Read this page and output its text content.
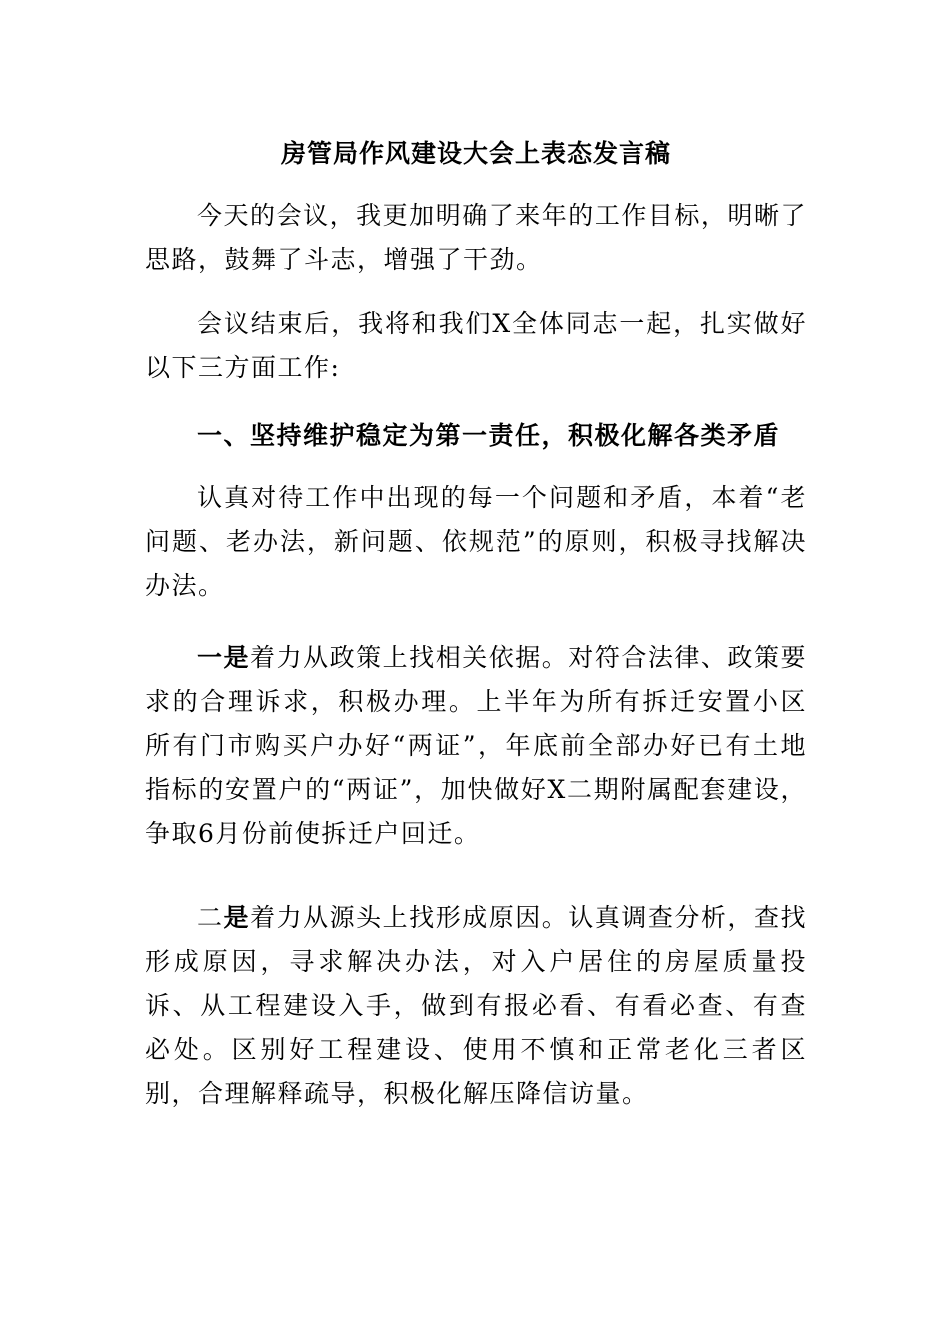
房管局作风建设大会上表态发言稿
今天的会议，我更加明确了来年的工作目标，明晰了思路，鼓舞了斗志，增强了干劲。
会议结束后，我将和我们X全体同志一起，扎实做好以下三方面工作:
一、坚持维护稳定为第一责任，积极化解各类矛盾
认真对待工作中出现的每一个问题和矛盾，本着“老问题、老办法，新问题、依规范”的原则，积极寻找解决办法。
一是着力从政策上找相关依据。对符合法律、政策要求的合理诉求，积极办理。上半年为所有拆迁安置小区所有门市购买户办好“两证”，年底前全部办好已有土地指标的安置户的“两证”，加快做好X二期附属配套建设，争取6月份前使拆迁户回迁。
二是着力从源头上找形成原因。认真调查分析，查找形成原因，寻求解决办法，对入户居住的房屋质量投诉、从工程建设入手，做到有报必看、有看必查、有查必处。区别好工程建设、使用不慎和正常老化三者区别，合理解释疏导，积极化解压降信访量。
